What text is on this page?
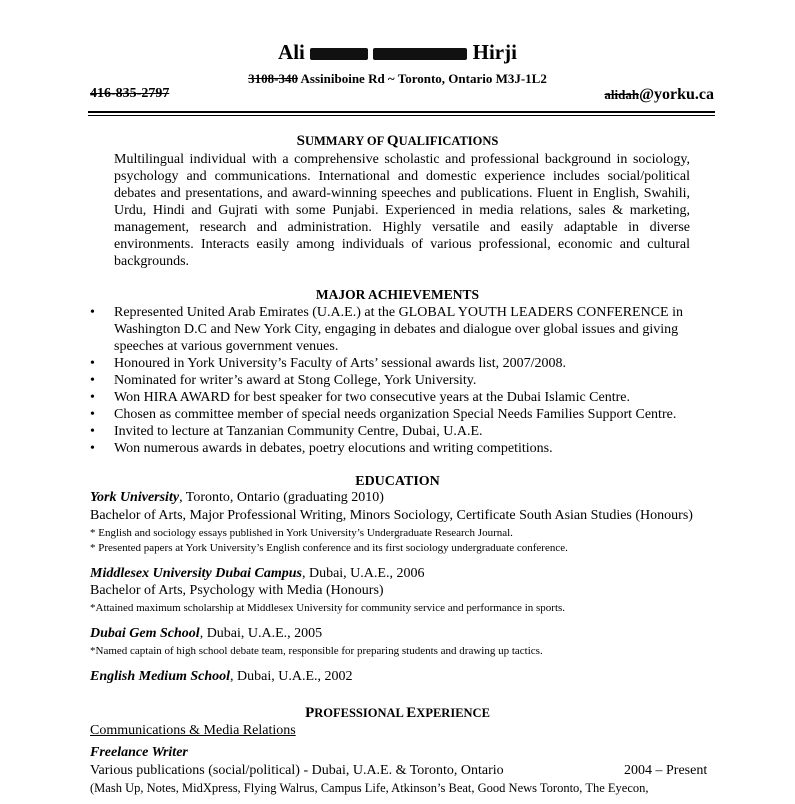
Ali	Hirji
3108-340 Assiniboine Rd ~ Toronto, Ontario M3J-1L2
416-835-2797	alidah@yorku.ca
SUMMARY OF QUALIFICATIONS
Multilingual individual with a comprehensive scholastic and professional background in sociology, psychology and communications. International and domestic experience includes social/political debates and presentations, and award-winning speeches and publications. Fluent in English, Swahili, Urdu, Hindi and Gujrati with some Punjabi. Experienced in media relations, sales & marketing, management, research and administration. Highly versatile and easily adaptable in diverse environments. Interacts easily among individuals of various professional, economic and cultural backgrounds.
MAJOR ACHIEVEMENTS
• Represented United Arab Emirates (U.A.E.) at the GLOBAL YOUTH LEADERS CONFERENCE in Washington D.C and New York City, engaging in debates and dialogue over global issues and giving speeches at various government venues.
• Honoured in York University’s Faculty of Arts’ sessional awards list, 2007/2008.
• Nominated for writer’s award at Stong College, York University.
• Won HIRA AWARD for best speaker for two consecutive years at the Dubai Islamic Centre.
• Chosen as committee member of special needs organization Special Needs Families Support Centre.
• Invited to lecture at Tanzanian Community Centre, Dubai, U.A.E.
• Won numerous awards in debates, poetry elocutions and writing competitions.
EDUCATION
York University, Toronto, Ontario (graduating 2010)
Bachelor of Arts, Major Professional Writing, Minors Sociology, Certificate South Asian Studies (Honours)
* English and sociology essays published in York University’s Undergraduate Research Journal.
* Presented papers at York University’s English conference and its first sociology undergraduate conference.
Middlesex University Dubai Campus, Dubai, U.A.E., 2006
Bachelor of Arts, Psychology with Media (Honours)
*Attained maximum scholarship at Middlesex University for community service and performance in sports.
Dubai Gem School, Dubai, U.A.E., 2005
*Named captain of high school debate team, responsible for preparing students and drawing up tactics.
English Medium School, Dubai, U.A.E., 2002
PROFESSIONAL EXPERIENCE
Communications & Media Relations
Freelance Writer
Various publications (social/political) - Dubai, U.A.E. & Toronto, Ontario	2004 – Present
(Mash Up, Notes, MidXpress, Flying Walrus, Campus Life, Atkinson’s Beat, Good News Toronto, The Eyecon,
